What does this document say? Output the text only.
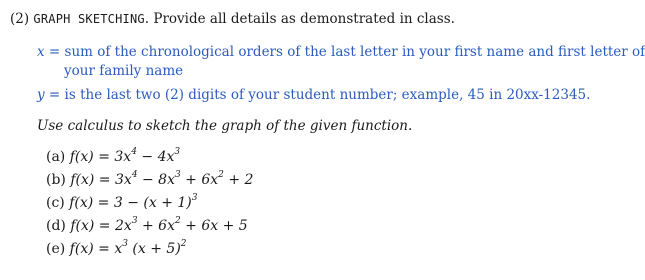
(2) GRAPH SKETCHING. Provide all details as demonstrated in class.
x = sum of the chronological orders of the last letter in your first name and first letter of
your family name
y = is the last two (2) digits of your student number; example, 45 in 20xx-12345.
Use calculus to sketch the graph of the given function.
(a) $f(x) = 3x^4 - 4x^3$
(b) $f(x) = 3x^4 - 8x^3 + 6x^2 + 2$
(c) $f(x) = 3 - (x + 1)^3$
(d) $f(x) = 2x^3 + 6x^2 + 6x + 5$
(e) $f(x) = x^3$ $(x + 5)^2$
